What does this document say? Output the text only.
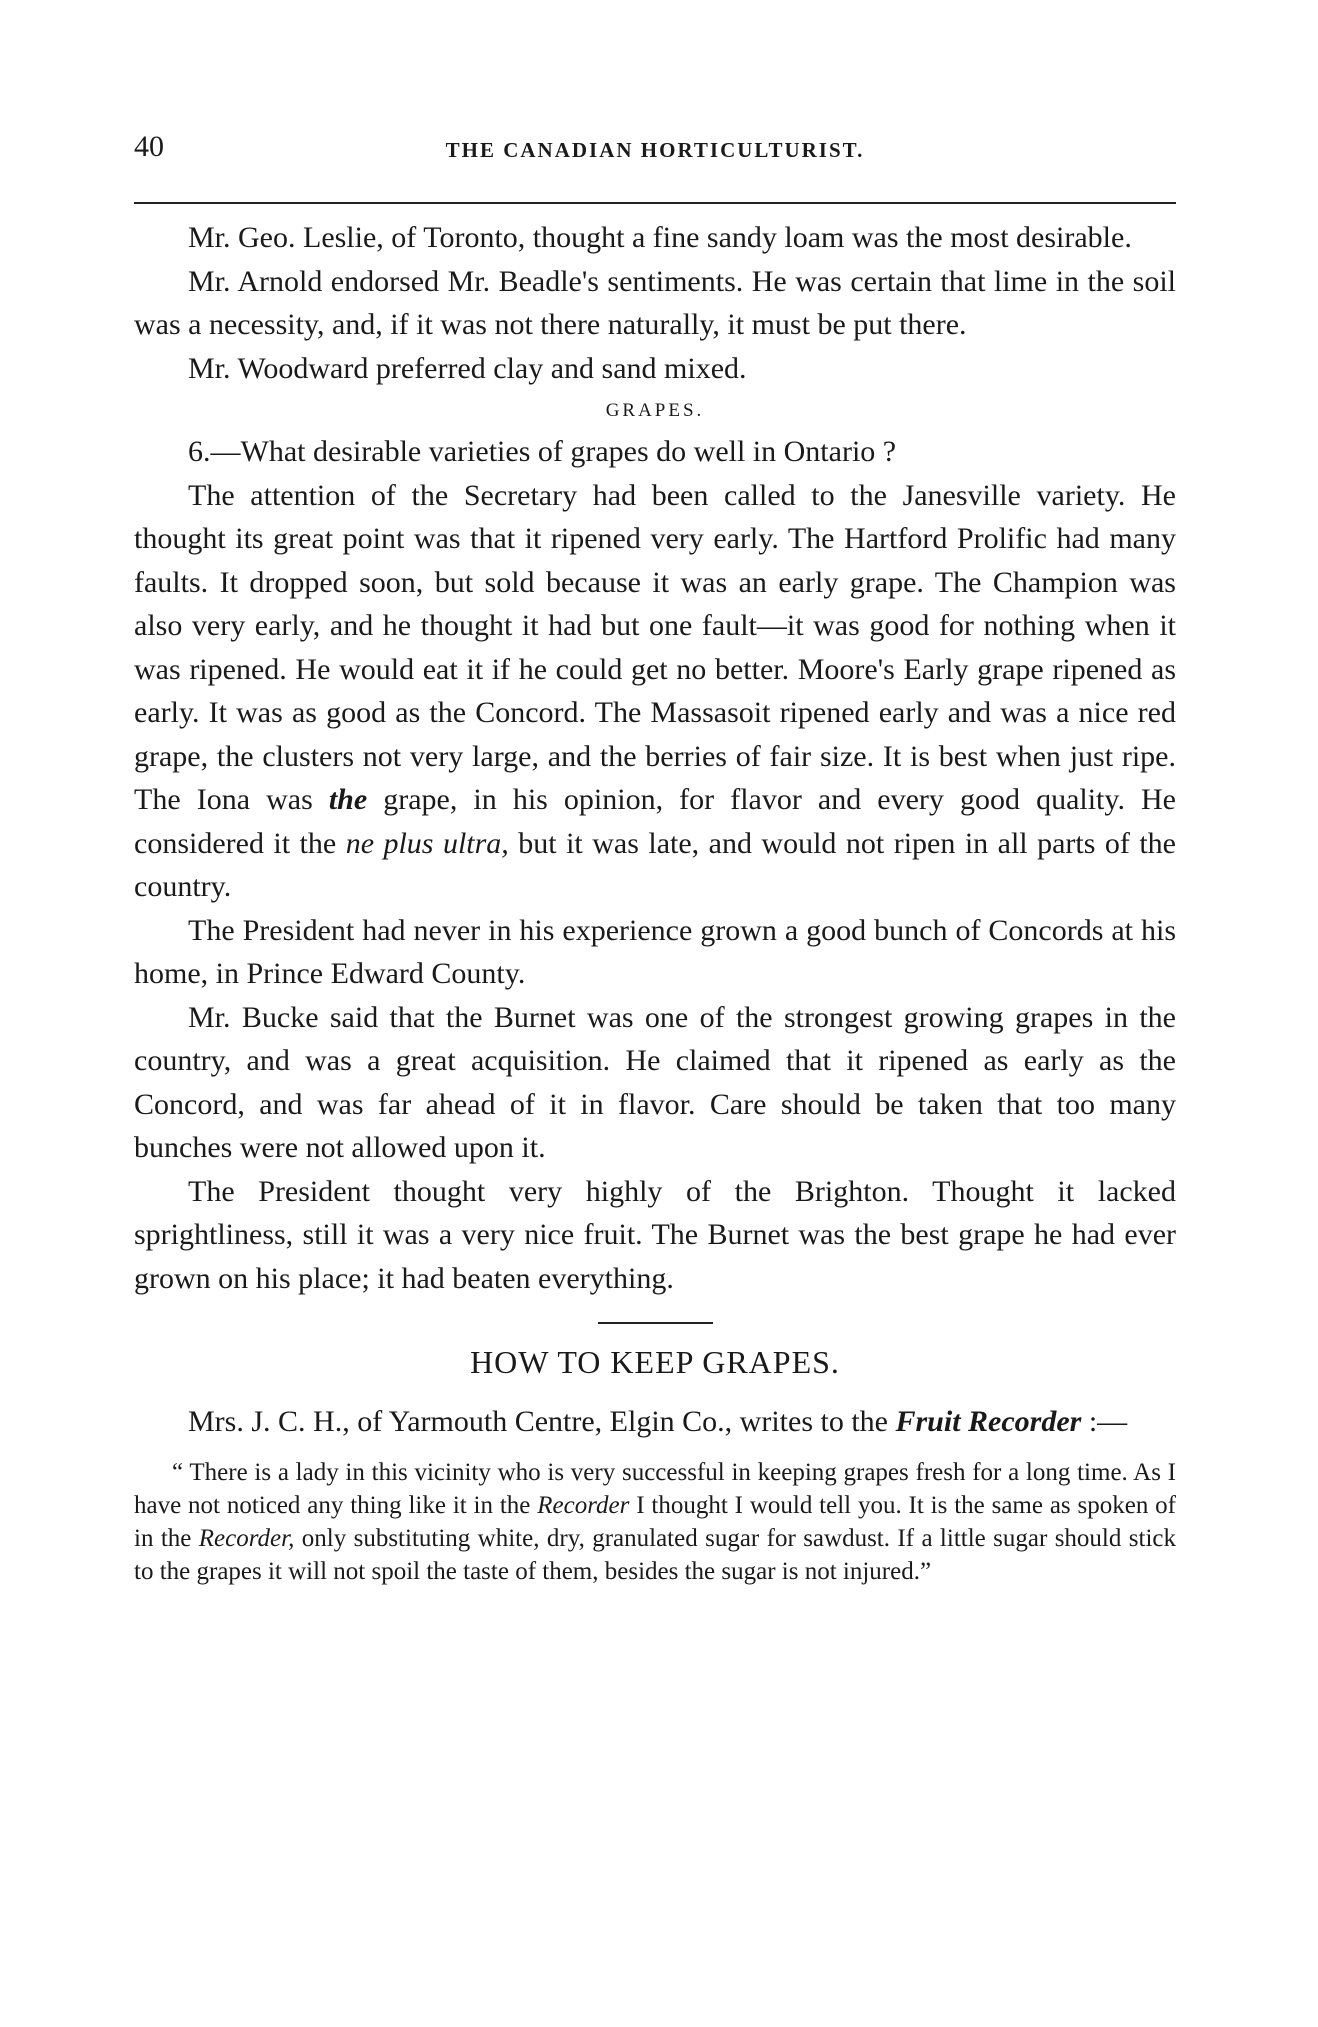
40	THE CANADIAN HORTICULTURIST.

Mr. Geo. Leslie, of Toronto, thought a fine sandy loam was the most desirable.

Mr. Arnold endorsed Mr. Beadle's sentiments. He was certain that lime in the soil was a necessity, and, if it was not there naturally, it must be put there.

Mr. Woodward preferred clay and sand mixed.

GRAPES.

6.—What desirable varieties of grapes do well in Ontario ?

The attention of the Secretary had been called to the Janesville variety. He thought its great point was that it ripened very early. The Hartford Prolific had many faults. It dropped soon, but sold because it was an early grape. The Champion was also very early, and he thought it had but one fault—it was good for nothing when it was ripened. He would eat it if he could get no better. Moore's Early grape ripened as early. It was as good as the Concord. The Massasoit ripened early and was a nice red grape, the clusters not very large, and the berries of fair size. It is best when just ripe. The Iona was the grape, in his opinion, for flavor and every good quality. He considered it the ne plus ultra, but it was late, and would not ripen in all parts of the country.

The President had never in his experience grown a good bunch of Concords at his home, in Prince Edward County.

Mr. Bucke said that the Burnet was one of the strongest growing grapes in the country, and was a great acquisition. He claimed that it ripened as early as the Concord, and was far ahead of it in flavor. Care should be taken that too many bunches were not allowed upon it.

The President thought very highly of the Brighton. Thought it lacked sprightliness, still it was a very nice fruit. The Burnet was the best grape he had ever grown on his place; it had beaten everything.

HOW TO KEEP GRAPES.

Mrs. J. C. H., of Yarmouth Centre, Elgin Co., writes to the Fruit Recorder :—

“ There is a lady in this vicinity who is very successful in keeping grapes fresh for a long time. As I have not noticed any thing like it in the Recorder I thought I would tell you. It is the same as spoken of in the Recorder, only substituting white, dry, granulated sugar for sawdust. If a little sugar should stick to the grapes it will not spoil the taste of them, besides the sugar is not injured.”
